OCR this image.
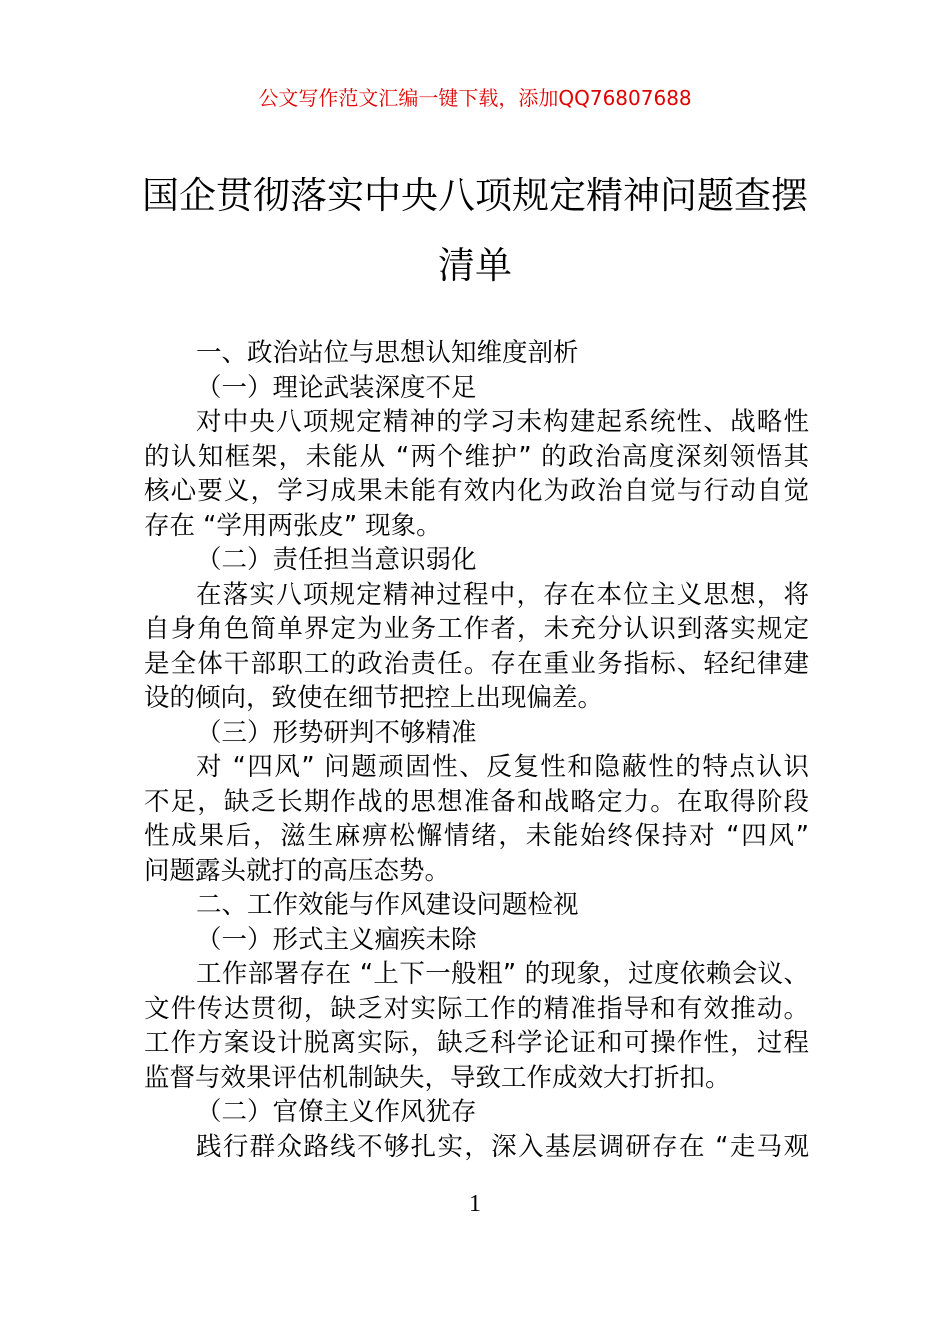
公文写作范文汇编一键下载，添加QQ76807688
国企贯彻落实中央八项规定精神问题查摆
清单
一、政治站位与思想认知维度剖析
（一）理论武装深度不足
对中央八项规定精神的学习未构建起系统性、战略性
的认知框架，未能从 “两个维护” 的政治高度深刻领悟其
核心要义，学习成果未能有效内化为政治自觉与行动自觉
存在 “学用两张皮” 现象。
（二）责任担当意识弱化
在落实八项规定精神过程中，存在本位主义思想，将
自身角色简单界定为业务工作者，未充分认识到落实规定
是全体干部职工的政治责任。存在重业务指标、轻纪律建
设的倾向，致使在细节把控上出现偏差。
（三）形势研判不够精准
对 “四风” 问题顽固性、反复性和隐蔽性的特点认识
不足，缺乏长期作战的思想准备和战略定力。在取得阶段
性成果后，滋生麻痹松懈情绪，未能始终保持对 “四风”
问题露头就打的高压态势。
二、工作效能与作风建设问题检视
（一）形式主义痼疾未除
工作部署存在 “上下一般粗” 的现象，过度依赖会议、
文件传达贯彻，缺乏对实际工作的精准指导和有效推动。
工作方案设计脱离实际，缺乏科学论证和可操作性，过程
监督与效果评估机制缺失，导致工作成效大打折扣。
（二）官僚主义作风犹存
践行群众路线不够扎实，深入基层调研存在 “走马观
1
